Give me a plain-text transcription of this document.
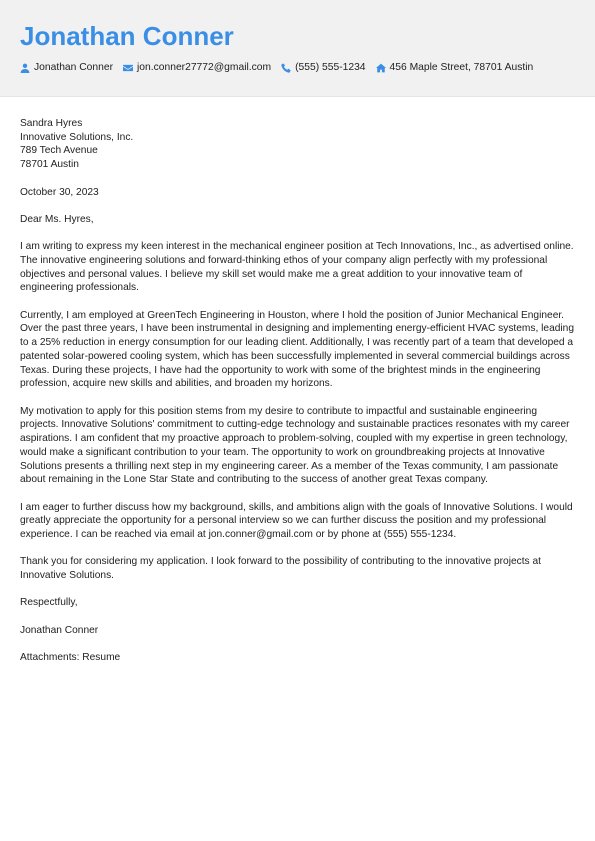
Jonathan Conner
Jonathan Conner jon.conner27772@gmail.com (555) 555-1234 456 Maple Street, 78701 Austin

Sandra Hyres
Innovative Solutions, Inc.
789 Tech Avenue
78701 Austin

October 30, 2023

Dear Ms. Hyres,

I am writing to express my keen interest in the mechanical engineer position at Tech Innovations, Inc., as advertised online. The innovative engineering solutions and forward-thinking ethos of your company align perfectly with my professional objectives and personal values. I believe my skill set would make me a great addition to your innovative team of engineering professionals.

Currently, I am employed at GreenTech Engineering in Houston, where I hold the position of Junior Mechanical Engineer. Over the past three years, I have been instrumental in designing and implementing energy-efficient HVAC systems, leading to a 25% reduction in energy consumption for our leading client. Additionally, I was recently part of a team that developed a patented solar-powered cooling system, which has been successfully implemented in several commercial buildings across Texas. During these projects, I have had the opportunity to work with some of the brightest minds in the engineering profession, acquire new skills and abilities, and broaden my horizons.

My motivation to apply for this position stems from my desire to contribute to impactful and sustainable engineering projects. Innovative Solutions' commitment to cutting-edge technology and sustainable practices resonates with my career aspirations. I am confident that my proactive approach to problem-solving, coupled with my expertise in green technology, would make a significant contribution to your team. The opportunity to work on groundbreaking projects at Innovative Solutions presents a thrilling next step in my engineering career. As a member of the Texas community, I am passionate about remaining in the Lone Star State and contributing to the success of another great Texas company.

I am eager to further discuss how my background, skills, and ambitions align with the goals of Innovative Solutions. I would greatly appreciate the opportunity for a personal interview so we can further discuss the position and my professional experience. I can be reached via email at jon.conner@gmail.com or by phone at (555) 555-1234.

Thank you for considering my application. I look forward to the possibility of contributing to the innovative projects at Innovative Solutions.

Respectfully,

Jonathan Conner

Attachments: Resume
